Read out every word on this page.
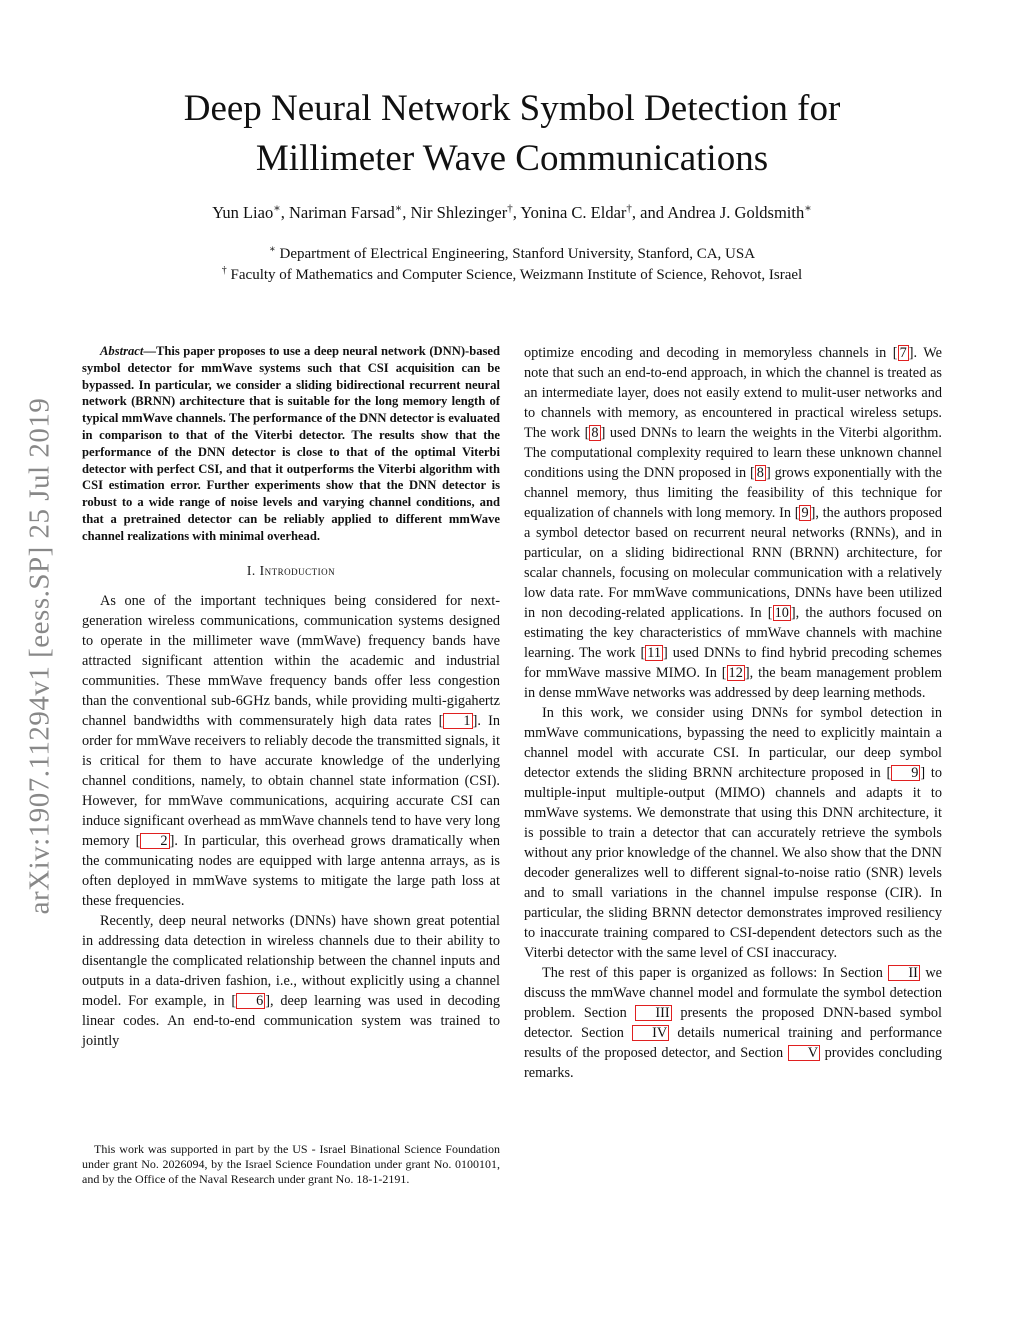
Deep Neural Network Symbol Detection for
Millimeter Wave Communications
Yun Liao∗, Nariman Farsad∗, Nir Shlezinger†, Yonina C. Eldar†, and Andrea J. Goldsmith∗
∗ Department of Electrical Engineering, Stanford University, Stanford, CA, USA
† Faculty of Mathematics and Computer Science, Weizmann Institute of Science, Rehovot, Israel
arXiv:1907.11294v1 [eess.SP] 25 Jul 2019

Abstract—This paper proposes to use a deep neural network (DNN)-based symbol detector for mmWave systems such that CSI acquisition can be bypassed. In particular, we consider a sliding bidirectional recurrent neural network (BRNN) architecture that is suitable for the long memory length of typical mmWave channels. The performance of the DNN detector is evaluated in comparison to that of the Viterbi detector. The results show that the performance of the DNN detector is close to that of the optimal Viterbi detector with perfect CSI, and that it outperforms the Viterbi algorithm with CSI estimation error. Further experiments show that the DNN detector is robust to a wide range of noise levels and varying channel conditions, and that a pretrained detector can be reliably applied to different mmWave channel realizations with minimal overhead.

I. Introduction

As one of the important techniques being considered for next-generation wireless communications, communication systems designed to operate in the millimeter wave (mmWave) frequency bands have attracted significant attention within the academic and industrial communities. These mmWave frequency bands offer less congestion than the conventional sub-6GHz bands, while providing multi-gigahertz channel bandwidths with commensurately high data rates [ 1 ]. In order for mmWave receivers to reliably decode the transmitted signals, it is critical for them to have accurate knowledge of the underlying channel conditions, namely, to obtain channel state information (CSI). However, for mmWave communications, acquiring accurate CSI can induce significant overhead as mmWave channels tend to have very long memory [ 2 ]. In particular, this overhead grows dramatically when the communicating nodes are equipped with large antenna arrays, as is often deployed in mmWave systems to mitigate the large path loss at these frequencies.

Recently, deep neural networks (DNNs) have shown great potential in addressing data detection in wireless channels due to their ability to disentangle the complicated relationship between the channel inputs and outputs in a data-driven fashion, i.e., without explicitly using a channel model. For example, in [ 6 ], deep learning was used in decoding linear codes. An end-to-end communication system was trained to jointly

This work was supported in part by the US - Israel Binational Science Foundation under grant No. 2026094, by the Israel Science Foundation under grant No. 0100101, and by the Office of the Naval Research under grant No. 18-1-2191.

optimize encoding and decoding in memoryless channels in [ 7 ]. We note that such an end-to-end approach, in which the channel is treated as an intermediate layer, does not easily extend to mulit-user networks and to channels with memory, as encountered in practical wireless setups. The work [ 8 ] used DNNs to learn the weights in the Viterbi algorithm. The computational complexity required to learn these unknown channel conditions using the DNN proposed in [ 8 ] grows exponentially with the channel memory, thus limiting the feasibility of this technique for equalization of channels with long memory. In [ 9 ], the authors proposed a symbol detector based on recurrent neural networks (RNNs), and in particular, on a sliding bidirectional RNN (BRNN) architecture, for scalar channels, focusing on molecular communication with a relatively low data rate. For mmWave communications, DNNs have been utilized in non decoding-related applications. In [ 10 ], the authors focused on estimating the key characteristics of mmWave channels with machine learning. The work [ 11 ] used DNNs to find hybrid precoding schemes for mmWave massive MIMO. In [ 12 ], the beam management problem in dense mmWave networks was addressed by deep learning methods.

In this work, we consider using DNNs for symbol detection in mmWave communications, bypassing the need to explicitly maintain a channel model with accurate CSI. In particular, our deep symbol detector extends the sliding BRNN architecture proposed in [ 9 ] to multiple-input multiple-output (MIMO) channels and adapts it to mmWave systems. We demonstrate that using this DNN architecture, it is possible to train a detector that can accurately retrieve the symbols without any prior knowledge of the channel. We also show that the DNN decoder generalizes well to different signal-to-noise ratio (SNR) levels and to small variations in the channel impulse response (CIR). In particular, the sliding BRNN detector demonstrates improved resiliency to inaccurate training compared to CSI-dependent detectors such as the Viterbi detector with the same level of CSI inaccuracy.

The rest of this paper is organized as follows: In Section II we discuss the mmWave channel model and formulate the symbol detection problem. Section III presents the proposed DNN-based symbol detector. Section IV details numerical training and performance results of the proposed detector, and Section V provides concluding remarks.
